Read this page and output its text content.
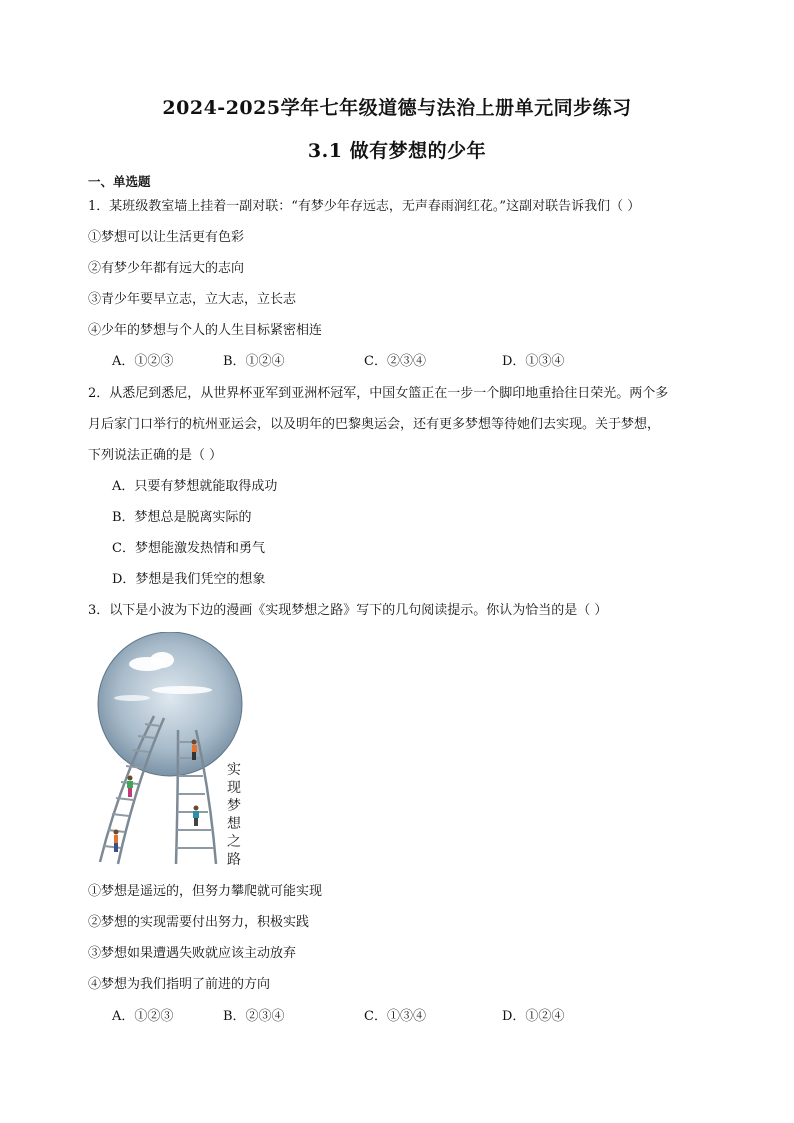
2024-2025学年七年级道德与法治上册单元同步练习
3.1 做有梦想的少年
一、单选题
1．某班级教室墙上挂着一副对联：“有梦少年存远志，无声春雨润红花。”这副对联告诉我们（ ）
①梦想可以让生活更有色彩
②有梦少年都有远大的志向
③青少年要早立志，立大志，立长志
④少年的梦想与个人的人生目标紧密相连
A．①②③	B．①②④	C．②③④	D．①③④
2．从悉尼到悉尼，从世界杯亚军到亚洲杯冠军，中国女篮正在一步一个脚印地重拾往日荣光。两个多
月后家门口举行的杭州亚运会，以及明年的巴黎奥运会，还有更多梦想等待她们去实现。关于梦想，
下列说法正确的是（ ）
A．只要有梦想就能取得成功
B．梦想总是脱离实际的
C．梦想能激发热情和勇气
D．梦想是我们凭空的想象
3．以下是小波为下边的漫画《实现梦想之路》写下的几句阅读提示。你认为恰当的是（ ）
实
现
梦
想
之
路
①梦想是遥远的，但努力攀爬就可能实现
②梦想的实现需要付出努力，积极实践
③梦想如果遭遇失败就应该主动放弃
④梦想为我们指明了前进的方向
A．①②③	B．②③④	C．①③④	D．①②④
